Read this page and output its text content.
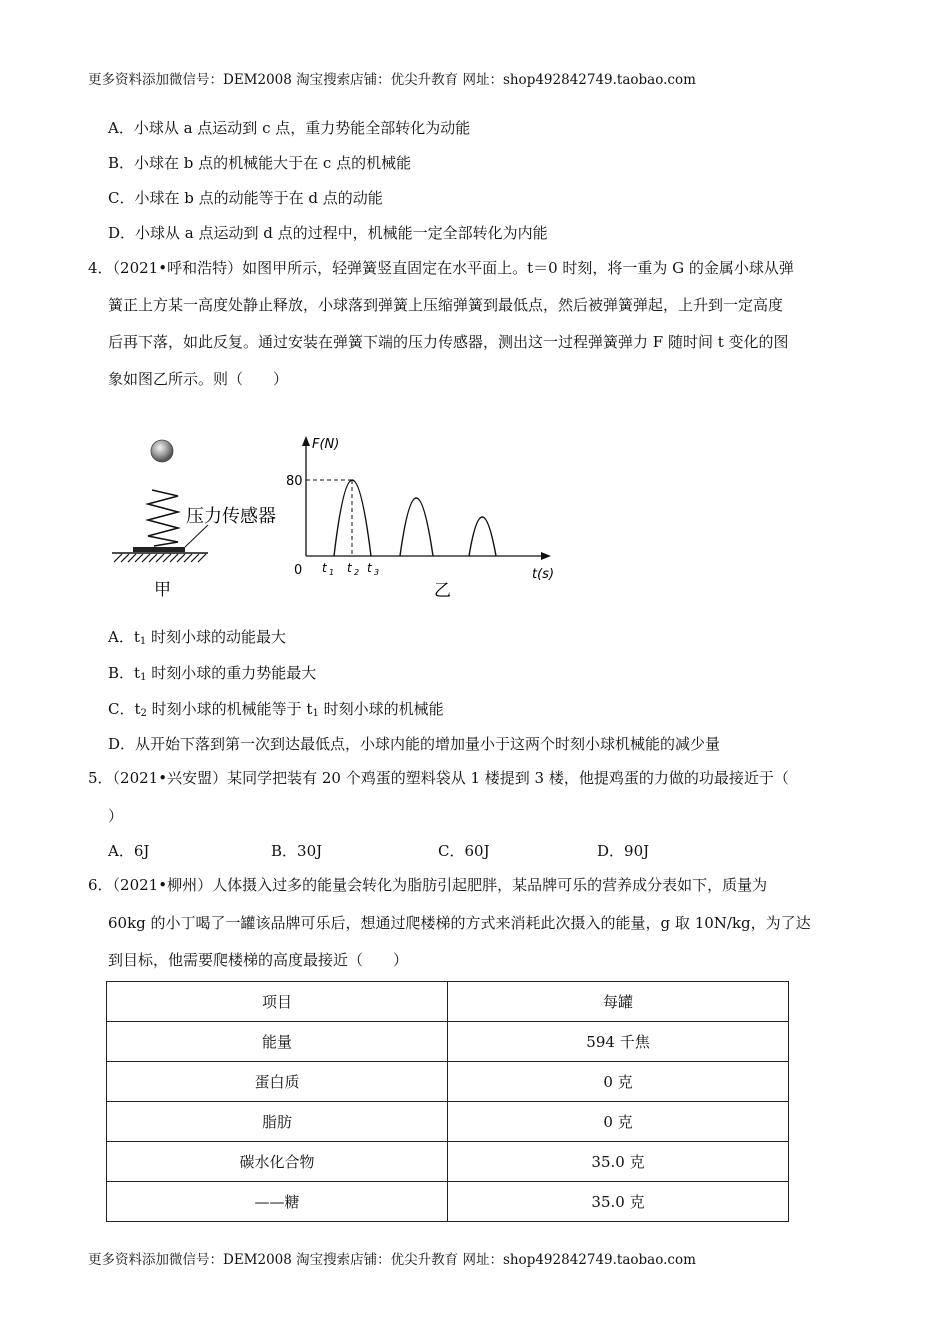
更多资料添加微信号：DEM2008 淘宝搜索店铺：优尖升教育 网址：shop492842749.taobao.com
A．小球从 a 点运动到 c 点，重力势能全部转化为动能
B．小球在 b 点的机械能大于在 c 点的机械能
C．小球在 b 点的动能等于在 d 点的动能
D．小球从 a 点运动到 d 点的过程中，机械能一定全部转化为内能
4．（2021•呼和浩特）如图甲所示，轻弹簧竖直固定在水平面上。t＝0 时刻，将一重为 G 的金属小球从弹
簧正上方某一高度处静止释放，小球落到弹簧上压缩弹簧到最低点，然后被弹簧弹起，上升到一定高度
后再下落，如此反复。通过安装在弹簧下端的压力传感器，测出这一过程弹簧弹力 F 随时间 t 变化的图
象如图乙所示。则（　　）
压力传感器
甲
F(N)
t(s)
80
0 t 1 t 2 t 3
乙
A．$t_1$ 时刻小球的动能最大
B．$t_1$ 时刻小球的重力势能最大
C．$t_2$ 时刻小球的机械能等于 $t_1$ 时刻小球的机械能
D．从开始下落到第一次到达最低点，小球内能的增加量小于这两个时刻小球机械能的减少量
5．（2021•兴安盟）某同学把装有 20 个鸡蛋的塑料袋从 1 楼提到 3 楼，他提鸡蛋的力做的功最接近于（
）
A．6J	B．30J	C．60J	D．90J
6．（2021•柳州）人体摄入过多的能量会转化为脂肪引起肥胖，某品牌可乐的营养成分表如下，质量为
60kg 的小丁喝了一罐该品牌可乐后，想通过爬楼梯的方式来消耗此次摄入的能量，g 取 10N/kg，为了达
到目标，他需要爬楼梯的高度最接近（　　）
项目	每罐
能量	594 千焦
蛋白质	0 克
脂肪	0 克
碳水化合物	35.0 克
——糖	35.0 克
更多资料添加微信号：DEM2008 淘宝搜索店铺：优尖升教育 网址：shop492842749.taobao.com
